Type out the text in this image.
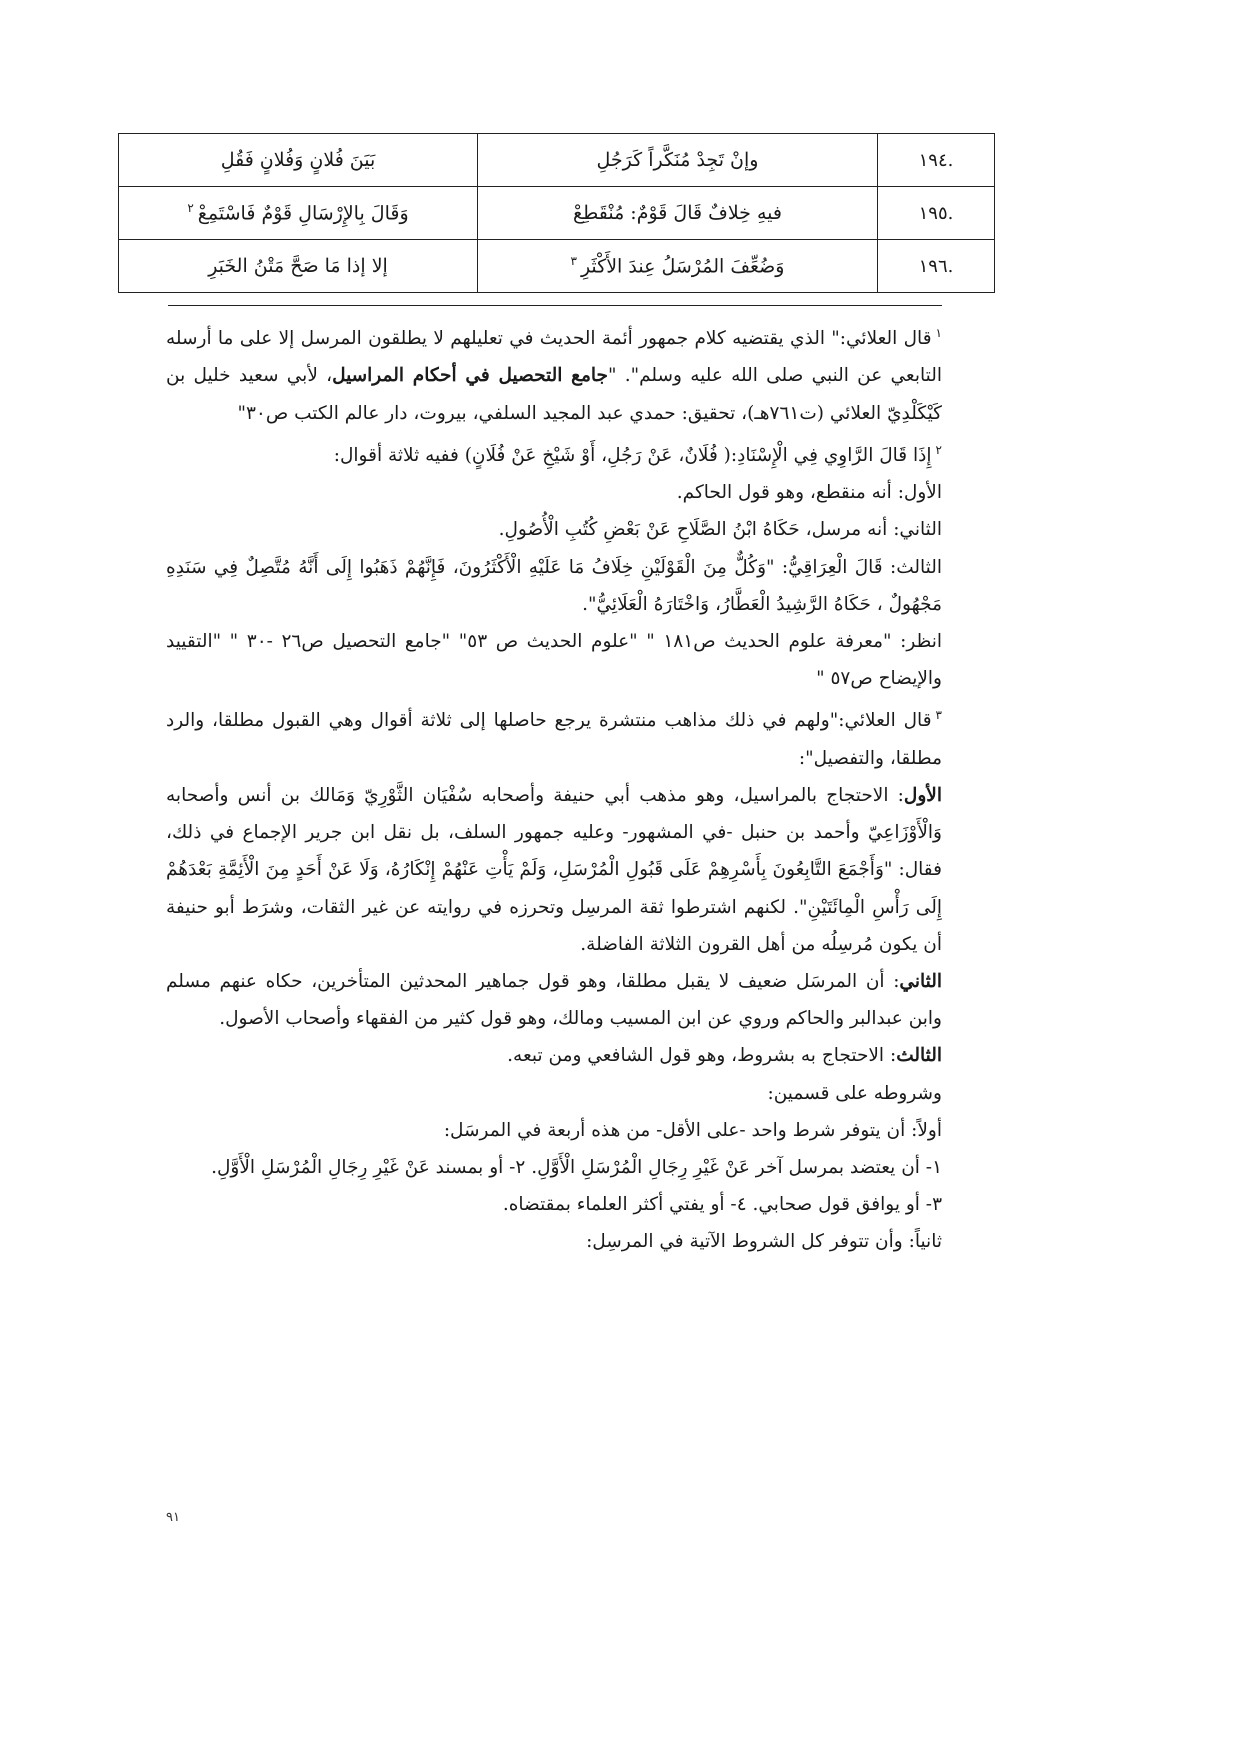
.١٩٤	وإنْ تَجِدْ مُنَكَّراً كَرَجُلِ	بَيَنَ فُلانٍ وَفُلانٍ فَقُلِ
.١٩٥	فيهِ خِلافٌ قَالَ قَوْمٌ: مُنْقَطِعْ	وَقَالَ بِالإِرْسَالِ قَوْمٌ فَاسْتَمِعْ$^٢$
.١٩٦	وَضُعِّفَ المُرْسَلُ عِندَ الأَكْثَرِ$^٣$	إلا إذا مَا صَحَّ مَتْنُ الخَبَرِ

$^١$قال العلائي:" الذي يقتضيه كلام جمهور أئمة الحديث في تعليلهم لا يطلقون المرسل إلا على ما أرسله التابعي عن النبي صلى الله عليه وسلم". "جامع التحصيل في أحكام المراسيل، لأبي سعيد خليل بن كَيْكَلْدِيّ العلائي (ت٧٦١هـ)، تحقيق: حمدي عبد المجيد السلفي، بيروت، دار عالم الكتب ص٣٠"

$^٢$إِذَا قَالَ الرَّاوِي فِي الْإِسْنَادِ:( فُلَانٌ، عَنْ رَجُلِ، أَوْ شَيْخِ عَنْ فُلَانٍ) ففيه ثلاثة أقوال:

الأول: أنه منقطع، وهو قول الحاكم.

الثاني: أنه مرسل، حَكَاهُ ابْنُ الصَّلَاحِ عَنْ بَعْضِ كُتُبِ الْأُصُولِ.

الثالث: قَالَ الْعِرَاقِيُّ: "وَكُلٌّ مِنَ الْقَوْلَيْنِ خِلَافُ مَا عَلَيْهِ الْأَكْثَرُونَ، فَإِنَّهُمْ ذَهَبُوا إِلَى أَنَّهُ مُتَّصِلٌ فِي سَنَدِهِ مَجْهُولٌ ، حَكَاهُ الرَّشِيدُ الْعَطَّارُ، وَاخْتَارَهُ الْعَلَائِيُّ".

انظر: "معرفة علوم الحديث ص١٨١ " "علوم الحديث ص ٥٣" "جامع التحصيل ص٢٦ -٣٠ " "التقييد والإيضاح ص٥٧ "

$^٣$قال العلائي:"ولهم في ذلك مذاهب منتشرة يرجع حاصلها إلى ثلاثة أقوال وهي القبول مطلقا، والرد مطلقا، والتفصيل":

الأول: الاحتجاج بالمراسيل، وهو مذهب أبي حنيفة وأصحابه سُفْيَان الثَّوْرِيّ وَمَالك بن أنس وأصحابه وَالْأَوْزَاعِيّ وأحمد بن حنبل -في المشهور- وعليه جمهور السلف، بل نقل ابن جرير الإجماع في ذلك، فقال: "وَأَجْمَعَ التَّابِعُونَ بِأَسْرِهِمْ عَلَى قَبُولِ الْمُرْسَلِ، وَلَمْ يَأْتِ عَنْهُمْ إِنْكَارُهُ، وَلَا عَنْ أَحَدٍ مِنَ الْأَئِمَّةِ بَعْدَهُمْ إِلَى رَأْسِ الْمِائَتَيْنِ". لكنهم اشترطوا ثقة المرسِل وتحرزه في روايته عن غير الثقات، وشرَط أبو حنيفة أن يكون مُرسِلُه من أهل القرون الثلاثة الفاضلة.

الثاني: أن المرسَل ضعيف لا يقبل مطلقا، وهو قول جماهير المحدثين المتأخرين، حكاه عنهم مسلم وابن عبدالبر والحاكم وروي عن ابن المسيب ومالك، وهو قول كثير من الفقهاء وأصحاب الأصول.

الثالث: الاحتجاج به بشروط، وهو قول الشافعي ومن تبعه.

وشروطه على قسمين:

أولاً: أن يتوفر شرط واحد -على الأقل- من هذه أربعة في المرسَل:

١- أن يعتضد بمرسل آخر عَنْ غَيْرِ رِجَالِ الْمُرْسَلِ الْأَوَّلِ. ٢- أو بمسند عَنْ غَيْرِ رِجَالِ الْمُرْسَلِ الْأَوَّلِ.

٣- أو يوافق قول صحابي. ٤- أو يفتي أكثر العلماء بمقتضاه.

ثانياً: وأن تتوفر كل الشروط الآتية في المرسِل:

٩١
